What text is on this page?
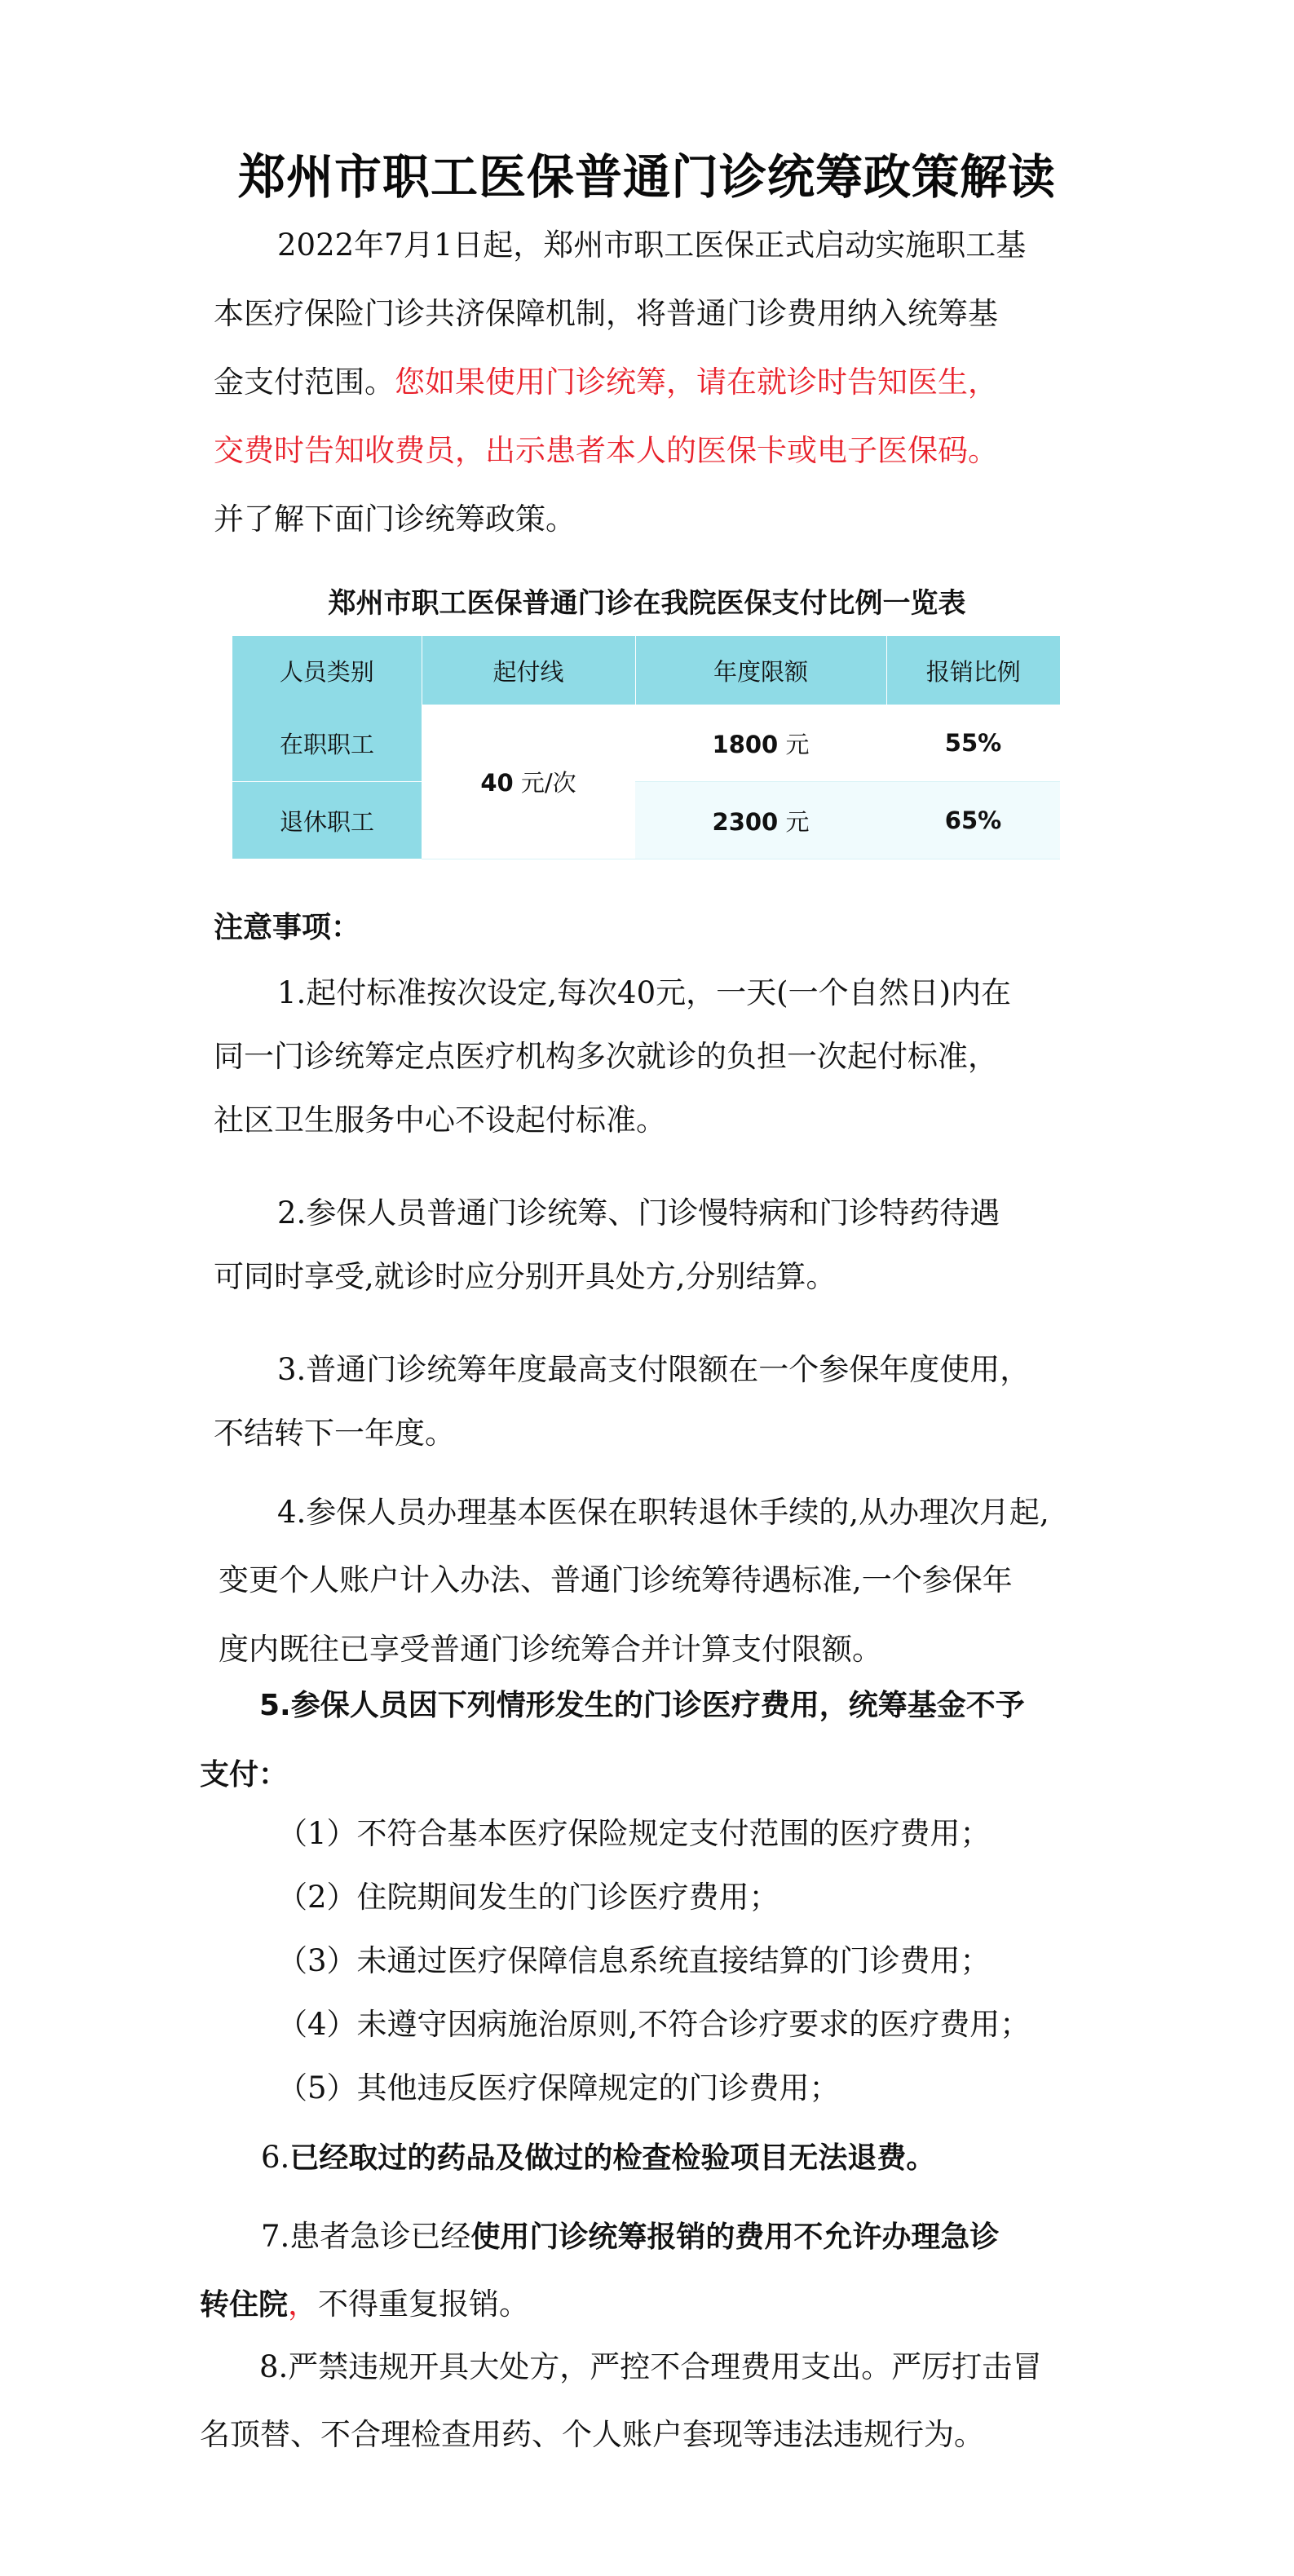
郑州市职工医保普通门诊统筹政策解读
2022年7月1日起，郑州市职工医保正式启动实施职工基
本医疗保险门诊共济保障机制，将普通门诊费用纳入统筹基
金支付范围。您如果使用门诊统筹，请在就诊时告知医生，
交费时告知收费员，出示患者本人的医保卡或电子医保码。
并了解下面门诊统筹政策。
郑州市职工医保普通门诊在我院医保支付比例一览表
人员类别	起付线	年度限额	报销比例
在职职工	40 元/次	1800 元	55%
退休职工		2300 元	65%
注意事项：
1.起付标准按次设定,每次40元，一天(一个自然日)内在
同一门诊统筹定点医疗机构多次就诊的负担一次起付标准，
社区卫生服务中心不设起付标准。
2.参保人员普通门诊统筹、门诊慢特病和门诊特药待遇
可同时享受,就诊时应分别开具处方,分别结算。
3.普通门诊统筹年度最高支付限额在一个参保年度使用，
不结转下一年度。
4.参保人员办理基本医保在职转退休手续的,从办理次月起,
变更个人账户计入办法、普通门诊统筹待遇标准,一个参保年
度内既往已享受普通门诊统筹合并计算支付限额。
5.参保人员因下列情形发生的门诊医疗费用，统筹基金不予
支付：
（1）不符合基本医疗保险规定支付范围的医疗费用；
（2）住院期间发生的门诊医疗费用；
（3）未通过医疗保障信息系统直接结算的门诊费用；
（4）未遵守因病施治原则,不符合诊疗要求的医疗费用；
（5）其他违反医疗保障规定的门诊费用；
6.已经取过的药品及做过的检查检验项目无法退费。
7.患者急诊已经使用门诊统筹报销的费用不允许办理急诊
转住院，不得重复报销。
8.严禁违规开具大处方，严控不合理费用支出。严厉打击冒
名顶替、不合理检查用药、个人账户套现等违法违规行为。
